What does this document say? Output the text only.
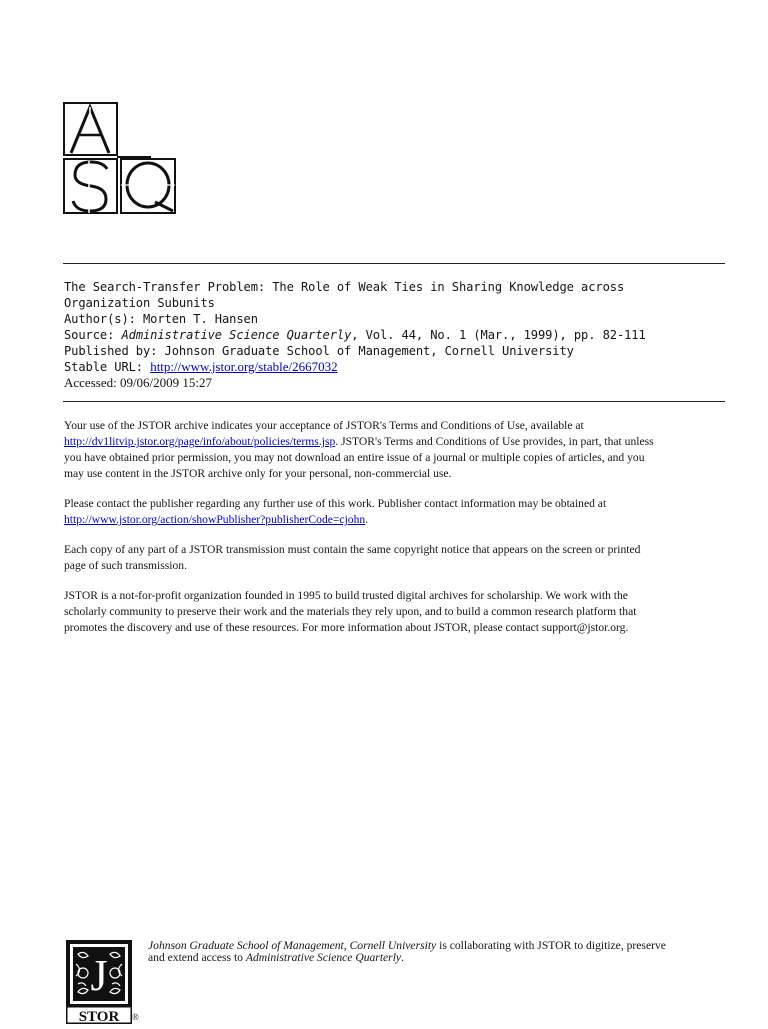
The Search-Transfer Problem: The Role of Weak Ties in Sharing Knowledge across
Organization Subunits
Author(s): Morten T. Hansen
Source: Administrative Science Quarterly, Vol. 44, No. 1 (Mar., 1999), pp. 82-111
Published by: Johnson Graduate School of Management, Cornell University
Stable URL: http://www.jstor.org/stable/2667032
Accessed: 09/06/2009 15:27

Your use of the JSTOR archive indicates your acceptance of JSTOR's Terms and Conditions of Use, available at
http://dv1litvip.jstor.org/page/info/about/policies/terms.jsp. JSTOR's Terms and Conditions of Use provides, in part, that unless
you have obtained prior permission, you may not download an entire issue of a journal or multiple copies of articles, and you
may use content in the JSTOR archive only for your personal, non-commercial use.

Please contact the publisher regarding any further use of this work. Publisher contact information may be obtained at
http://www.jstor.org/action/showPublisher?publisherCode=cjohn.

Each copy of any part of a JSTOR transmission must contain the same copyright notice that appears on the screen or printed
page of such transmission.

JSTOR is a not-for-profit organization founded in 1995 to build trusted digital archives for scholarship. We work with the
scholarly community to preserve their work and the materials they rely upon, and to build a common research platform that
promotes the discovery and use of these resources. For more information about JSTOR, please contact support@jstor.org.

J
STOR ®
Johnson Graduate School of Management, Cornell University is collaborating with JSTOR to digitize, preserve
and extend access to Administrative Science Quarterly.
